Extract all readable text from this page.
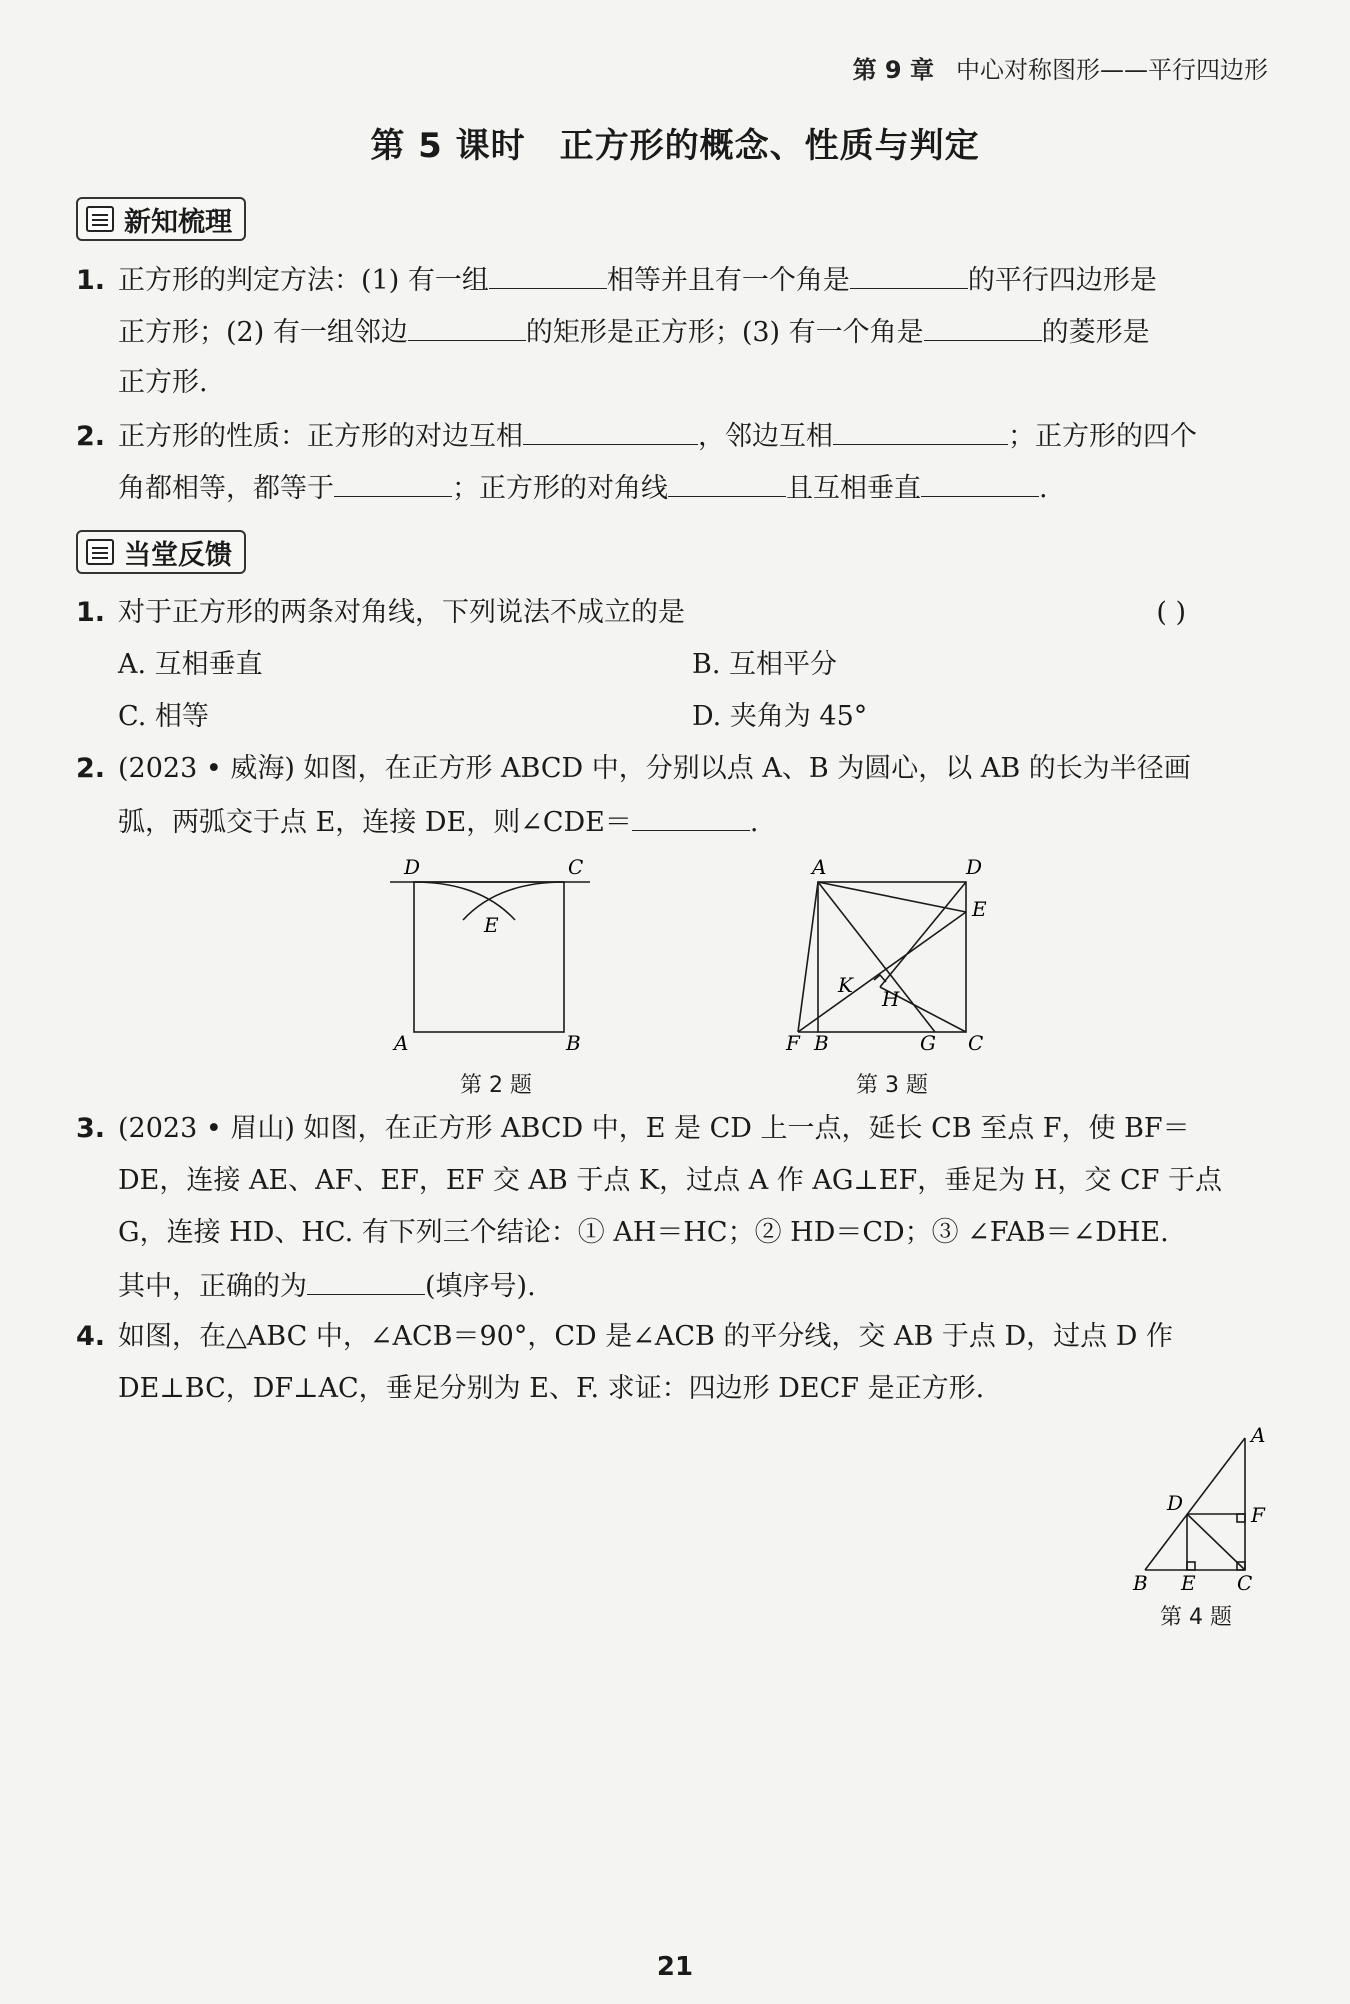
第 9 章 中心对称图形——平行四边形
第 5 课时 正方形的概念、性质与判定
新知梳理
1. 正方形的判定方法：(1) 有一组	相等并且有一个角是	的平行四边形是
正方形；(2) 有一组邻边	的矩形是正方形；(3) 有一个角是	的菱形是
正方形.
2. 正方形的性质：正方形的对边互相	，邻边互相	；正方形的四个
角都相等，都等于	；正方形的对角线	且互相垂直	.
当堂反馈
1. 对于正方形的两条对角线，下列说法不成立的是	( )
A. 互相垂直	B. 互相平分
C. 相等	D. 夹角为 45°
2. (2023 • 威海) 如图，在正方形 ABCD 中，分别以点 A、B 为圆心，以 AB 的长为半径画
弧，两弧交于点 E，连接 DE，则∠CDE＝	.
D	C
E
A	B
第 2 题
A	D
E
K
H
F B	G C
第 3 题
3. (2023 • 眉山) 如图，在正方形 ABCD 中，E 是 CD 上一点，延长 CB 至点 F，使 BF＝
DE，连接 AE、AF、EF，EF 交 AB 于点 K，过点 A 作 AG⊥EF，垂足为 H，交 CF 于点
G，连接 HD、HC. 有下列三个结论：① AH＝HC；② HD＝CD；③ ∠FAB＝∠DHE.
其中，正确的为	(填序号).
4. 如图，在△ABC 中，∠ACB＝90°，CD 是∠ACB 的平分线，交 AB 于点 D，过点 D 作
DE⊥BC，DF⊥AC，垂足分别为 E、F. 求证：四边形 DECF 是正方形.
A
D	F
B E C
第 4 题
21
